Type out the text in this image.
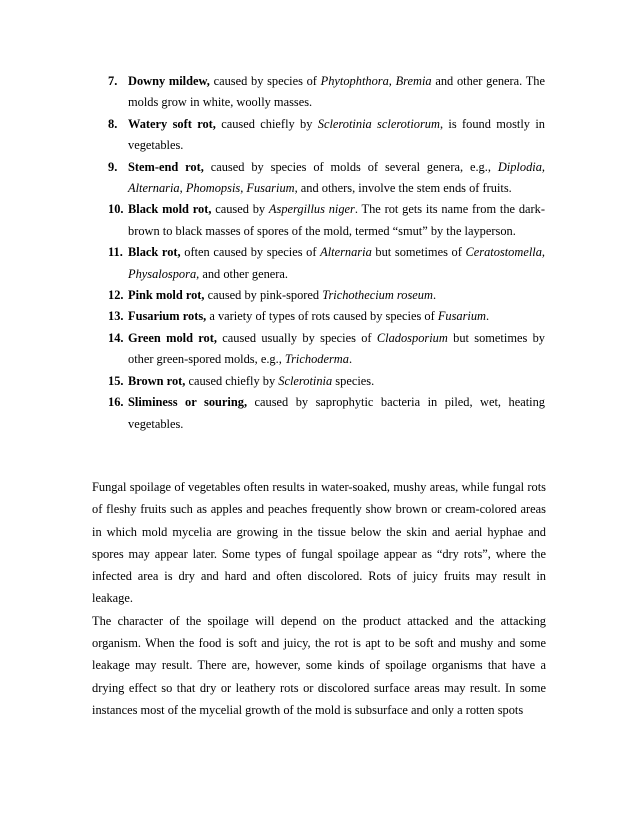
7. Downy mildew, caused by species of Phytophthora, Bremia and other genera. The molds grow in white, woolly masses.
8. Watery soft rot, caused chiefly by Sclerotinia sclerotiorum, is found mostly in vegetables.
9. Stem-end rot, caused by species of molds of several genera, e.g., Diplodia, Alternaria, Phomopsis, Fusarium, and others, involve the stem ends of fruits.
10. Black mold rot, caused by Aspergillus niger. The rot gets its name from the dark-brown to black masses of spores of the mold, termed “smut” by the layperson.
11. Black rot, often caused by species of Alternaria but sometimes of Ceratostomella, Physalospora, and other genera.
12. Pink mold rot, caused by pink-spored Trichothecium roseum.
13. Fusarium rots, a variety of types of rots caused by species of Fusarium.
14. Green mold rot, caused usually by species of Cladosporium but sometimes by other green-spored molds, e.g., Trichoderma.
15. Brown rot, caused chiefly by Sclerotinia species.
16. Sliminess or souring, caused by saprophytic bacteria in piled, wet, heating vegetables.

Fungal spoilage of vegetables often results in water-soaked, mushy areas, while fungal rots of fleshy fruits such as apples and peaches frequently show brown or cream-colored areas in which mold mycelia are growing in the tissue below the skin and aerial hyphae and spores may appear later. Some types of fungal spoilage appear as “dry rots”, where the infected area is dry and hard and often discolored. Rots of juicy fruits may result in leakage.

The character of the spoilage will depend on the product attacked and the attacking organism. When the food is soft and juicy, the rot is apt to be soft and mushy and some leakage may result. There are, however, some kinds of spoilage organisms that have a drying effect so that dry or leathery rots or discolored surface areas may result. In some instances most of the mycelial growth of the mold is subsurface and only a rotten spots
